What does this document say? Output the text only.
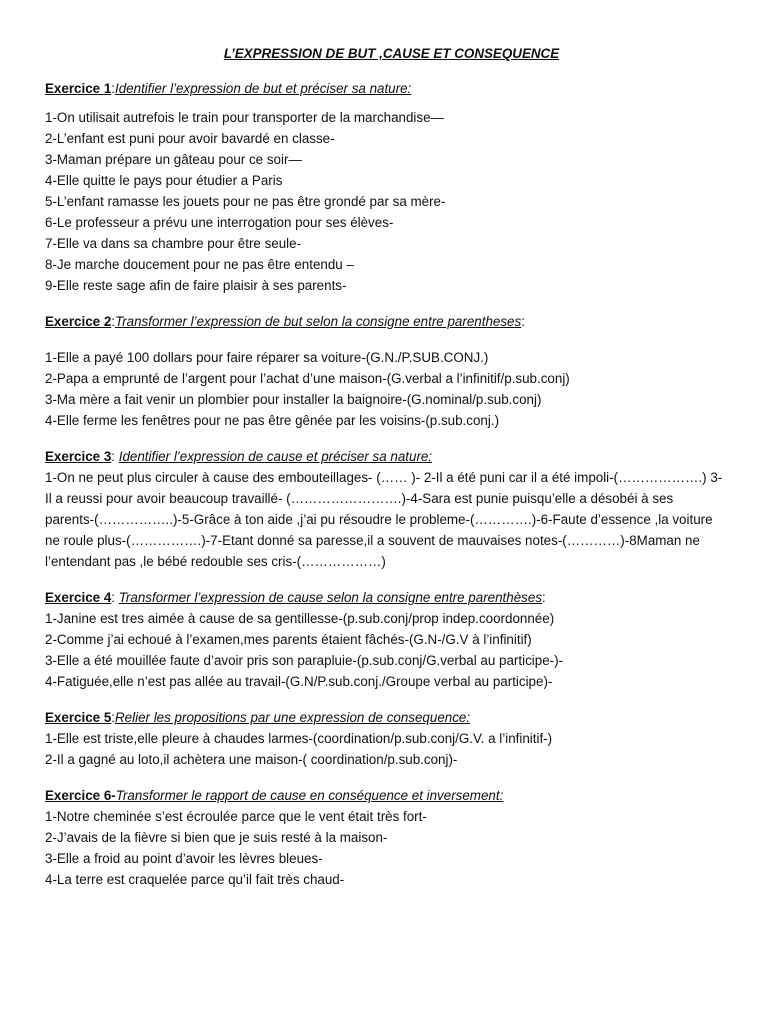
L’EXPRESSION DE BUT ,CAUSE ET CONSEQUENCE
Exercice 1:Identifier l’expression de but et préciser sa nature:
1-On utilisait autrefois le train pour transporter de la marchandise—
2-L’enfant est puni pour avoir bavardé en classe-
3-Maman prépare un gâteau pour ce soir—
4-Elle quitte le pays pour étudier a Paris
5-L’enfant ramasse les jouets pour ne pas être grondé par sa mère-
6-Le professeur a prévu une interrogation pour ses élèves-
7-Elle va dans sa chambre pour être seule-
8-Je marche doucement pour ne pas être entendu –
9-Elle reste sage afin de faire plaisir à ses parents-
Exercice 2:Transformer l’expression de but selon la consigne entre parentheses:
1-Elle a payé 100 dollars pour faire réparer sa voiture-(G.N./P.SUB.CONJ.)
2-Papa a emprunté de l’argent pour l’achat d’une maison-(G.verbal a l’infinitif/p.sub.conj)
3-Ma mère a fait venir un plombier pour installer la baignoire-(G.nominal/p.sub.conj)
4-Elle ferme les fenêtres pour ne pas être gênée par les voisins-(p.sub.conj.)
Exercice 3: Identifier l’expression de cause et préciser sa nature:
1-On ne peut plus circuler à cause des embouteillages- (…… )- 2-Il a été puni car il a été impoli-(……………….) 3-Il a reussi pour avoir beaucoup travaillé- (…………………….)-4-Sara est punie puisqu’elle a désobéi à ses parents-(……………..)-5-Grâce à ton aide ,j’ai pu résoudre le probleme-(………….)-6-Faute d’essence ,la voiture ne roule plus-(…………….)-7-Etant donné sa paresse,il a souvent de mauvaises notes-(…………)-8Maman ne l’entendant pas ,le bébé redouble ses cris-(………………)
Exercice 4: Transformer l’expression de cause selon la consigne entre parenthèses:
1-Janine est tres aimée à cause de sa gentillesse-(p.sub.conj/prop indep.coordonnée)
2-Comme j’ai echoué à l’examen,mes parents étaient fâchés-(G.N-/G.V à l’infinitif)
3-Elle a été mouillée faute d’avoir pris son parapluie-(p.sub.conj/G.verbal au participe-)-
4-Fatiguée,elle n’est pas allée au travail-(G.N/P.sub.conj./Groupe verbal au participe)-
Exercice 5:Relier les propositions par une expression de consequence:
1-Elle est triste,elle pleure à chaudes larmes-(coordination/p.sub.conj/G.V. a l’infinitif-)
2-Il a gagné au loto,il achètera une maison-( coordination/p.sub.conj)-
Exercice 6-Transformer le rapport de cause en conséquence et inversement:
1-Notre cheminée s’est écroulée parce que le vent était très fort-
2-J’avais de la fièvre si bien que je suis resté à la maison-
3-Elle a froid au point d’avoir les lèvres bleues-
4-La terre est craquelée parce qu’il fait très chaud-
